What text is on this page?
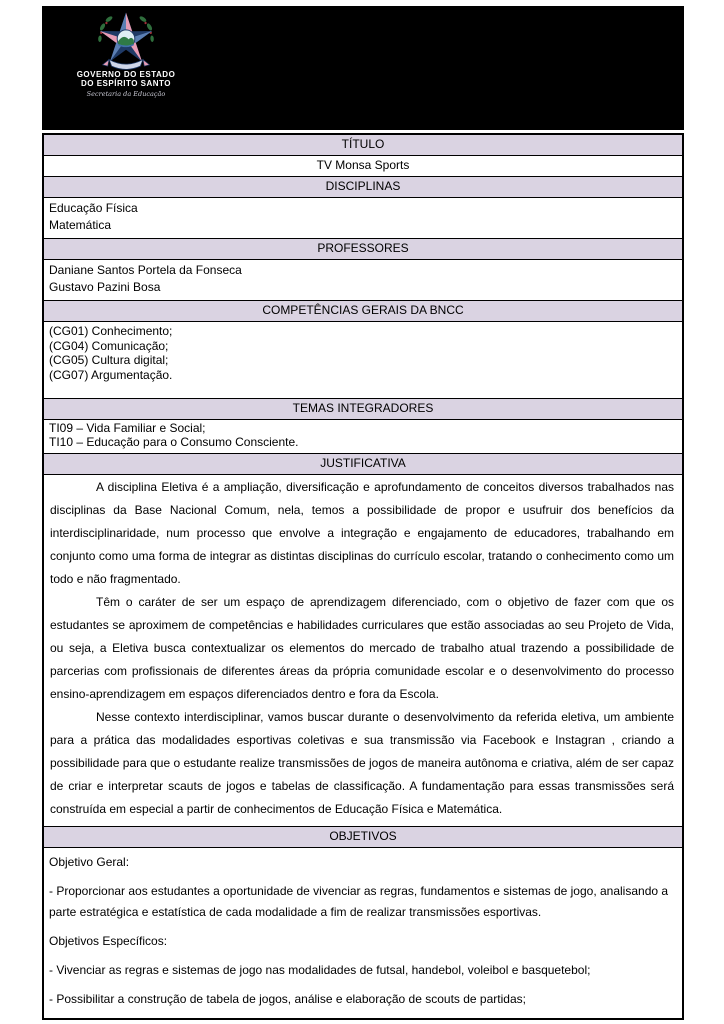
GOVERNO DO ESTADO
DO ESPÍRITO SANTO
Secretaria da Educação
TÍTULO
TV Monsa Sports
DISCIPLINAS
Educação Física
Matemática
PROFESSORES
Daniane Santos Portela da Fonseca
Gustavo Pazini Bosa
COMPETÊNCIAS GERAIS DA BNCC
(CG01) Conhecimento;
(CG04) Comunicação;
(CG05) Cultura digital;
(CG07) Argumentação.
TEMAS INTEGRADORES
TI09 – Vida Familiar e Social;
TI10 – Educação para o Consumo Consciente.
JUSTIFICATIVA

A disciplina Eletiva é a ampliação, diversificação e aprofundamento de conceitos diversos trabalhados nas disciplinas da Base Nacional Comum, nela, temos a possibilidade de propor e usufruir dos benefícios da interdisciplinaridade, num processo que envolve a integração e engajamento de educadores, trabalhando em conjunto como uma forma de integrar as distintas disciplinas do currículo escolar, tratando o conhecimento como um todo e não fragmentado.

Têm o caráter de ser um espaço de aprendizagem diferenciado, com o objetivo de fazer com que os estudantes se aproximem de competências e habilidades curriculares que estão associadas ao seu Projeto de Vida, ou seja, a Eletiva busca contextualizar os elementos do mercado de trabalho atual trazendo a possibilidade de parcerias com profissionais de diferentes áreas da própria comunidade escolar e o desenvolvimento do processo ensino-aprendizagem em espaços diferenciados dentro e fora da Escola.

Nesse contexto interdisciplinar, vamos buscar durante o desenvolvimento da referida eletiva, um ambiente para a prática das modalidades esportivas coletivas e sua transmissão via Facebook e Instagran , criando a possibilidade para que o estudante realize transmissões de jogos de maneira autônoma e criativa, além de ser capaz de criar e interpretar scauts de jogos e tabelas de classificação. A fundamentação para essas transmissões será construída em especial a partir de conhecimentos de Educação Física e Matemática.

OBJETIVOS

Objetivo Geral:

- Proporcionar aos estudantes a oportunidade de vivenciar as regras, fundamentos e sistemas de jogo, analisando a parte estratégica e estatística de cada modalidade a fim de realizar transmissões esportivas.

Objetivos Específicos:

- Vivenciar as regras e sistemas de jogo nas modalidades de futsal, handebol, voleibol e basquetebol;

- Possibilitar a construção de tabela de jogos, análise e elaboração de scouts de partidas;
